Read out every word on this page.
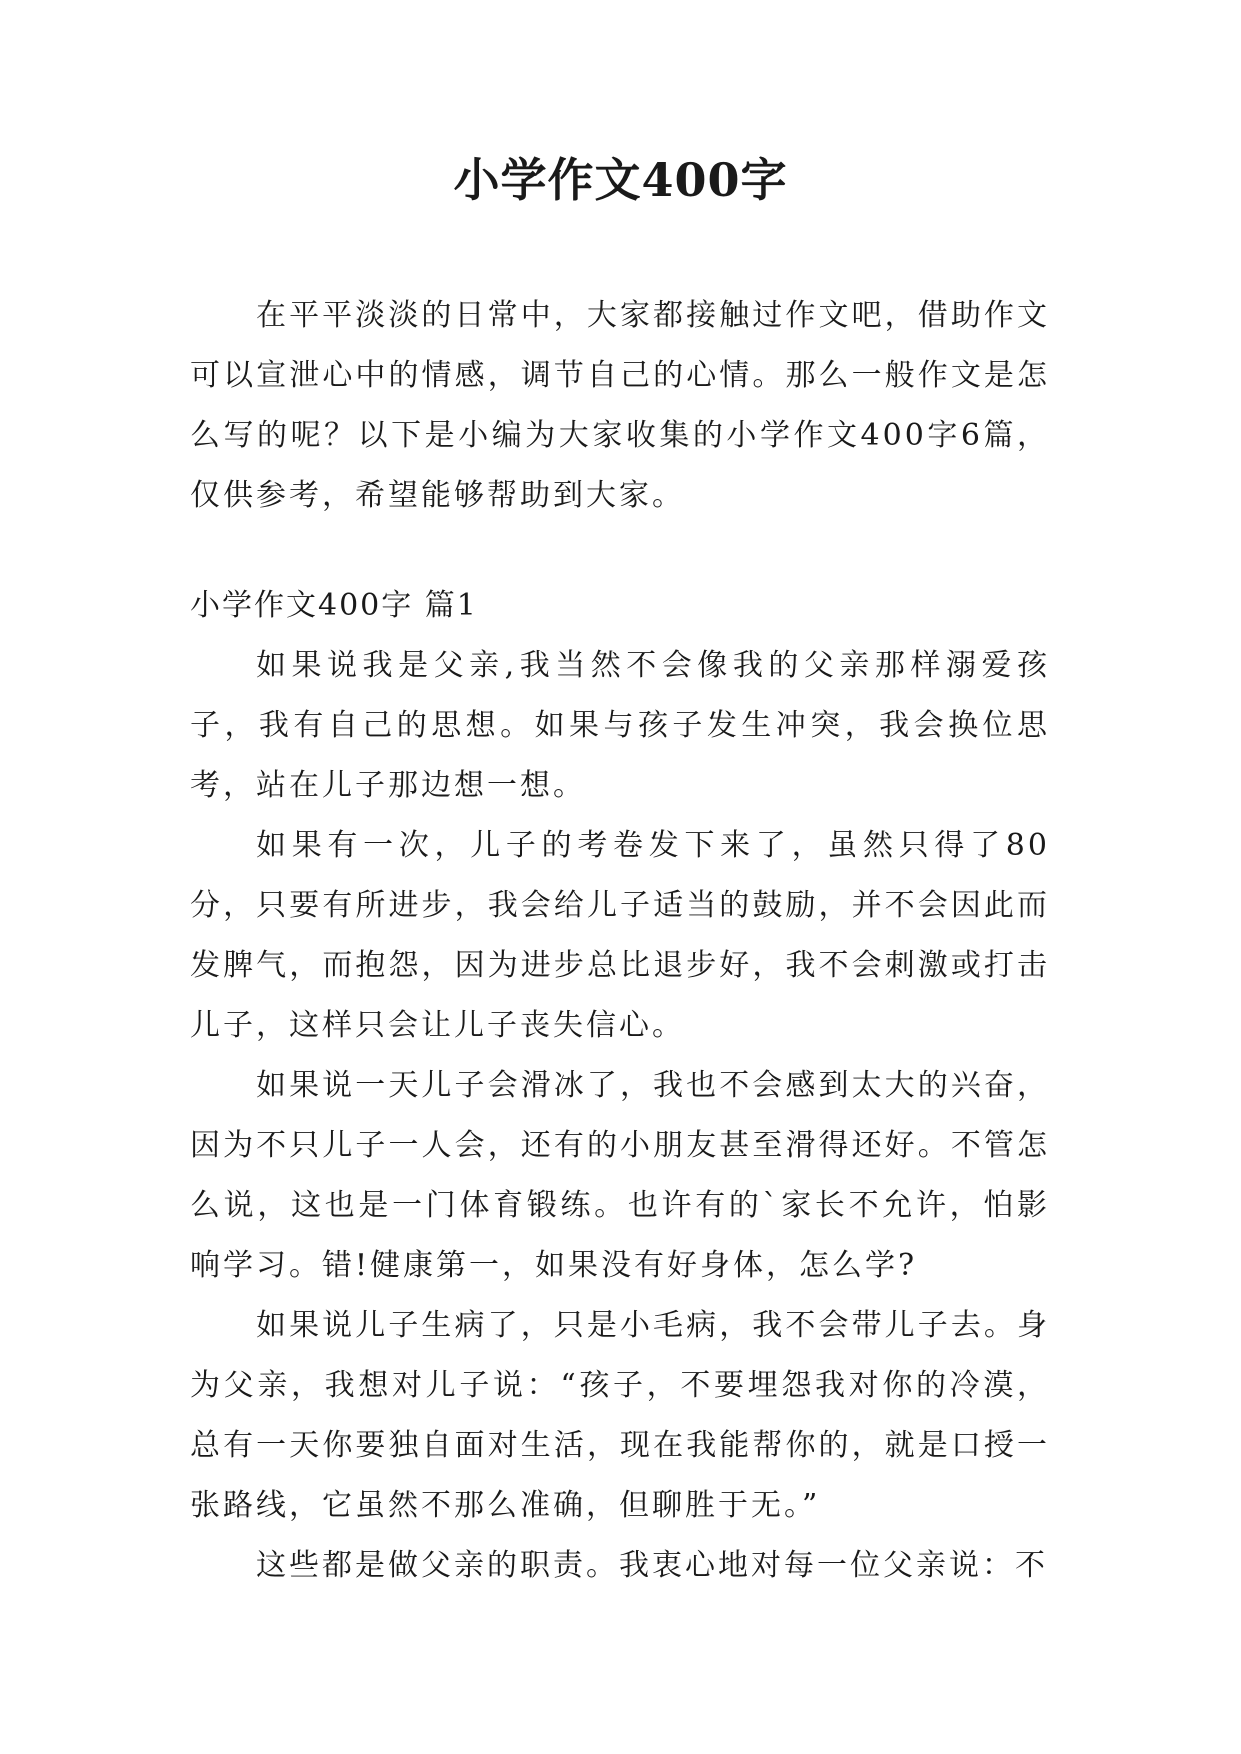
小学作文400字

在平平淡淡的日常中，大家都接触过作文吧，借助作文可以宣泄心中的情感，调节自己的心情。那么一般作文是怎么写的呢？以下是小编为大家收集的小学作文400字6篇，仅供参考，希望能够帮助到大家。

小学作文400字 篇1

如果说我是父亲,我当然不会像我的父亲那样溺爱孩子，我有自己的思想。如果与孩子发生冲突，我会换位思考，站在儿子那边想一想。

如果有一次，儿子的考卷发下来了，虽然只得了80分，只要有所进步，我会给儿子适当的鼓励，并不会因此而发脾气，而抱怨，因为进步总比退步好，我不会刺激或打击儿子，这样只会让儿子丧失信心。

如果说一天儿子会滑冰了，我也不会感到太大的兴奋，因为不只儿子一人会，还有的小朋友甚至滑得还好。不管怎么说，这也是一门体育锻练。也许有的`家长不允许，怕影响学习。错!健康第一，如果没有好身体，怎么学?

如果说儿子生病了，只是小毛病，我不会带儿子去。身为父亲，我想对儿子说：“孩子，不要埋怨我对你的冷漠，总有一天你要独自面对生活，现在我能帮你的，就是口授一张路线，它虽然不那么准确，但聊胜于无。”

这些都是做父亲的职责。我衷心地对每一位父亲说：不
